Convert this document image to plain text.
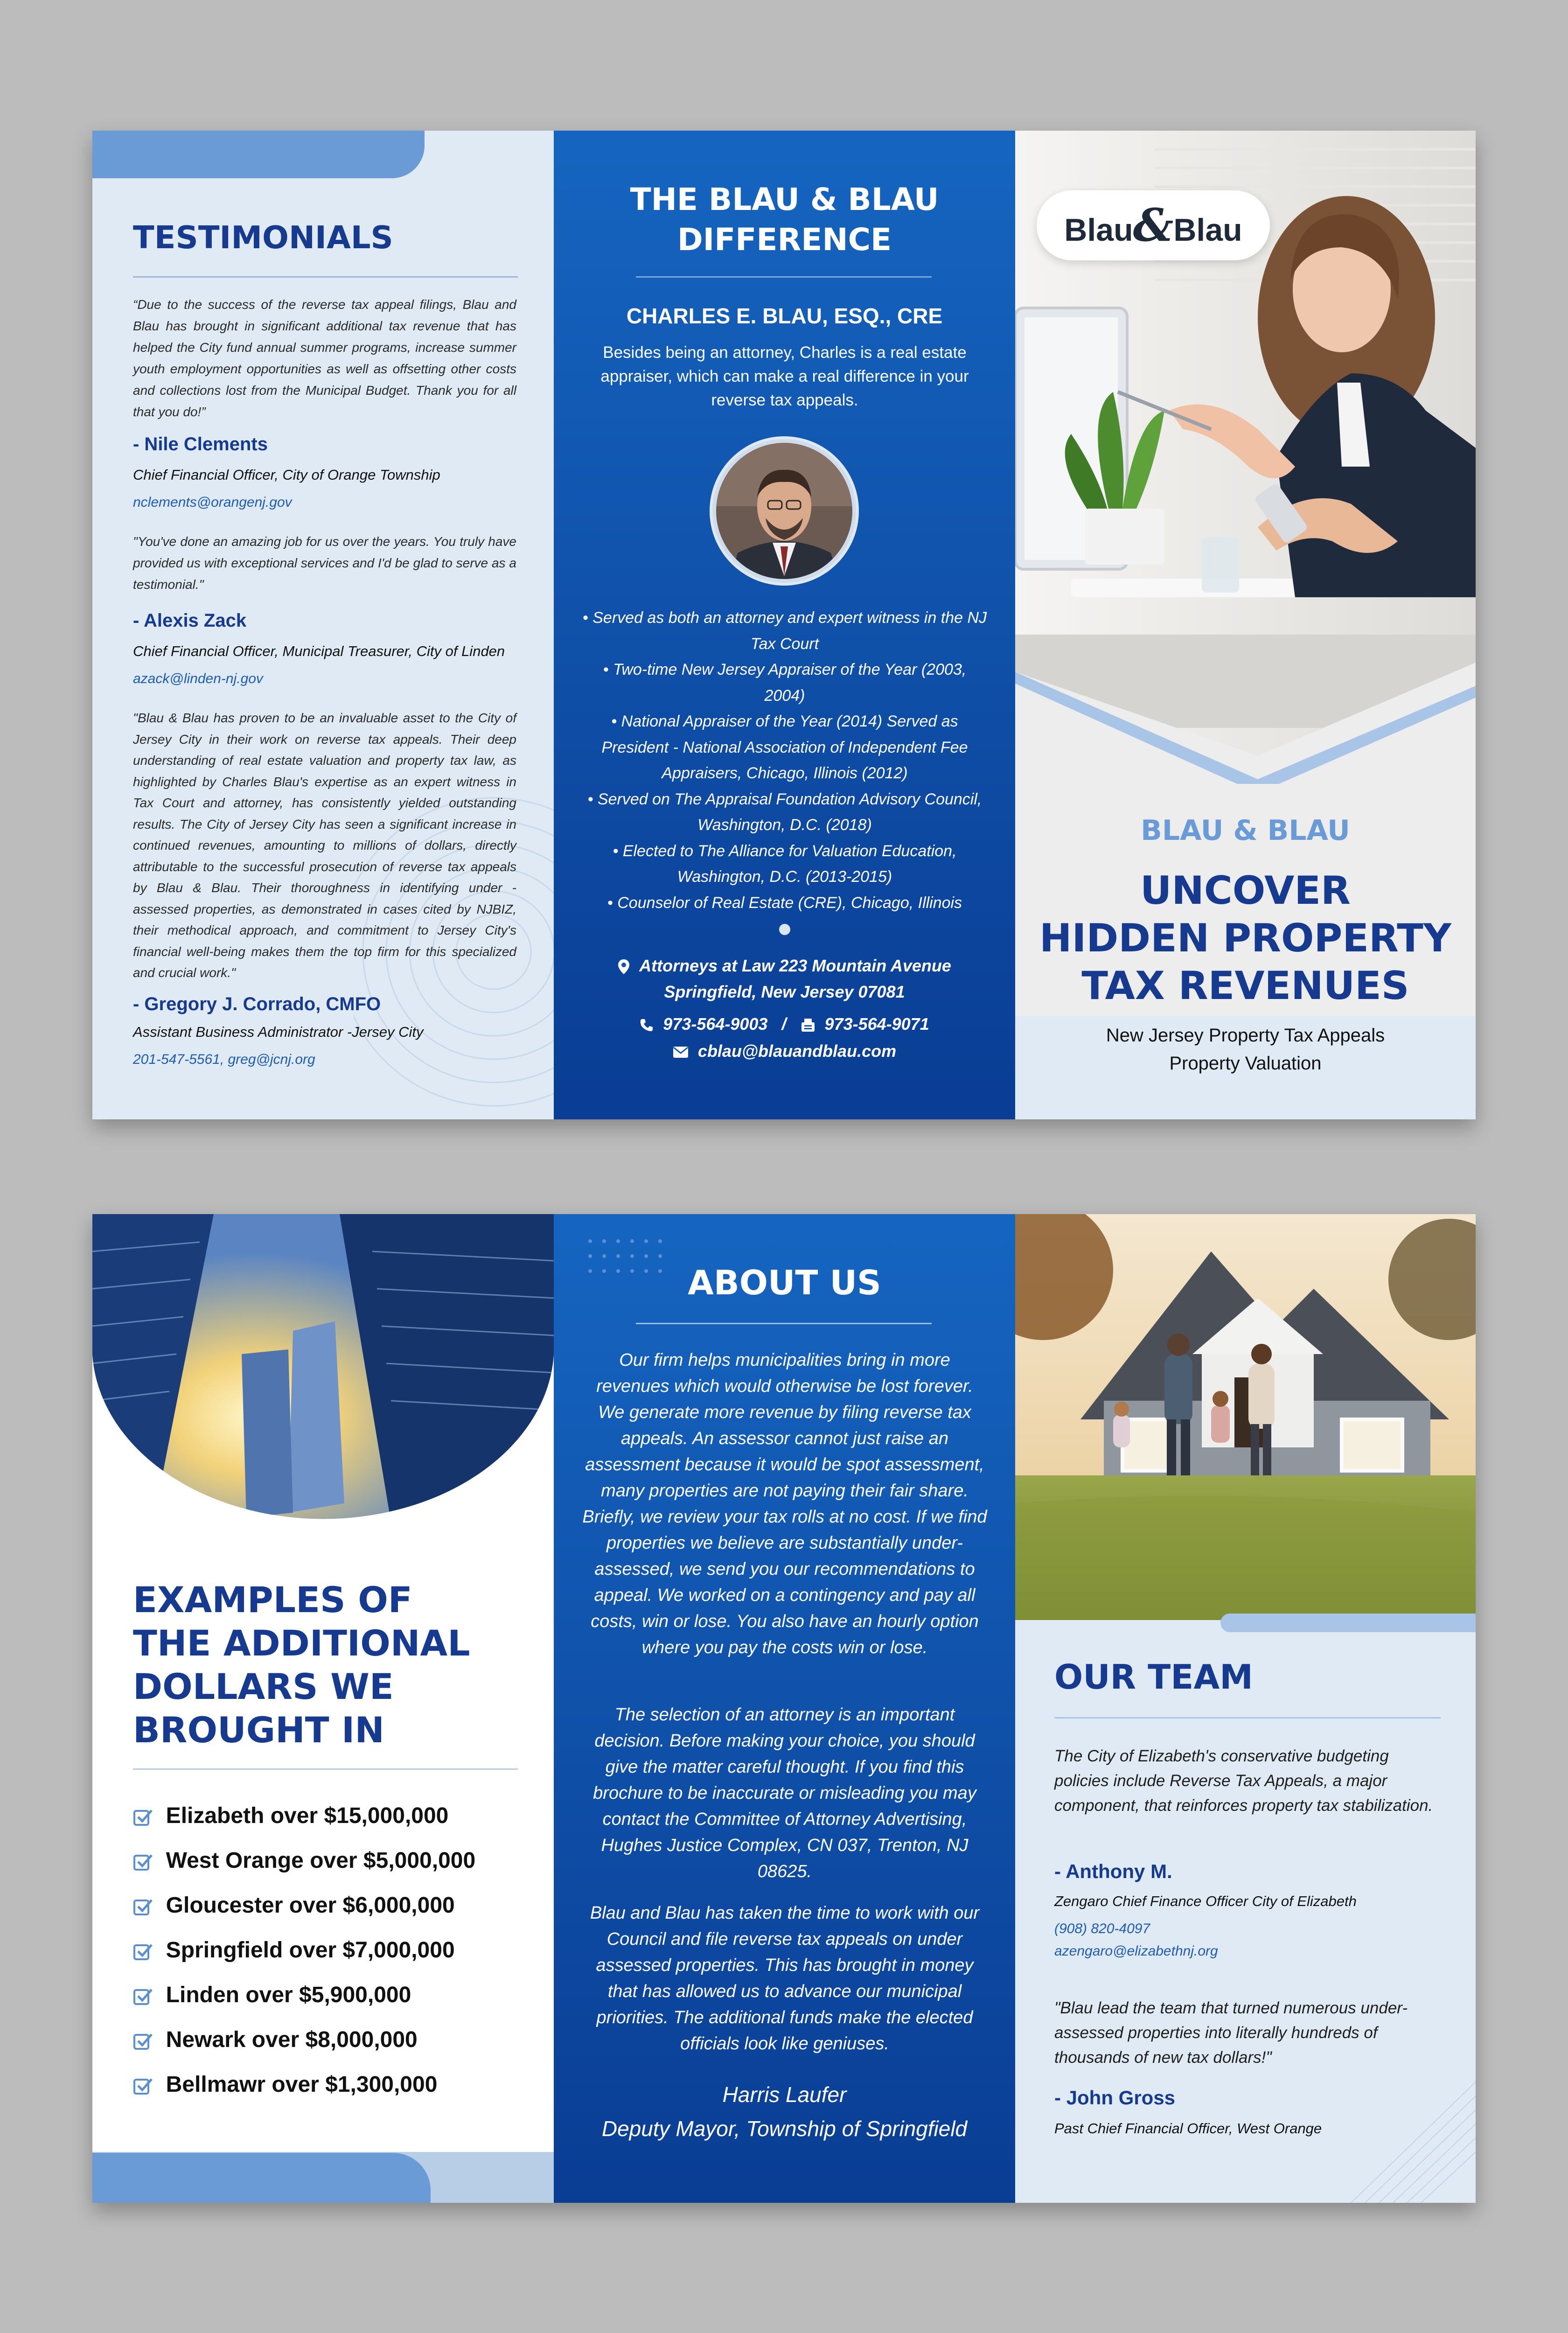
TESTIMONIALS
“Due to the success of the reverse tax appeal filings, Blau and Blau has brought in significant additional tax revenue that has helped the City fund annual summer programs, increase summer youth employment opportunities as well as offsetting other costs and collections lost from the Municipal Budget. Thank you for all that you do!”
- Nile Clements
Chief Financial Officer, City of Orange Township
nclements@orangenj.gov
"You've done an amazing job for us over the years. You truly have provided us with exceptional services and I'd be glad to serve as a testimonial."
- Alexis Zack
Chief Financial Officer, Municipal Treasurer, City of Linden
azack@linden-nj.gov
"Blau & Blau has proven to be an invaluable asset to the City of Jersey City in their work on reverse tax appeals. Their deep understanding of real estate valuation and property tax law, as highlighted by Charles Blau's expertise as an expert witness in Tax Court and attorney, has consistently yielded outstanding results. The City of Jersey City has seen a significant increase in continued revenues, amounting to millions of dollars, directly attributable to the successful prosecution of reverse tax appeals by Blau & Blau. Their thoroughness in identifying under - assessed properties, as demonstrated in cases cited by NJBIZ, their methodical approach, and commitment to Jersey City's financial well-being makes them the top firm for this specialized and crucial work."
- Gregory J. Corrado, CMFO
Assistant Business Administrator -Jersey City
201-547-5561, greg@jcnj.org
THE BLAU & BLAU
DIFFERENCE
CHARLES E. BLAU, ESQ., CRE
Besides being an attorney, Charles is a real estate appraiser, which can make a real difference in your reverse tax appeals.
• Served as both an attorney and expert witness in the NJ Tax Court
• Two-time New Jersey Appraiser of the Year (2003, 2004)
• National Appraiser of the Year (2014) Served as President - National Association of Independent Fee Appraisers, Chicago, Illinois (2012)
• Served on The Appraisal Foundation Advisory Council, Washington, D.C. (2018)
• Elected to The Alliance for Valuation Education, Washington, D.C. (2013-2015)
• Counselor of Real Estate (CRE), Chicago, Illinois
Attorneys at Law 223 Mountain Avenue
Springfield, New Jersey 07081
973-564-9003 / 973-564-9071
cblau@blauandblau.com
Blau&Blau
BLAU & BLAU
UNCOVER
HIDDEN PROPERTY
TAX REVENUES
New Jersey Property Tax Appeals
Property Valuation
EXAMPLES OF
THE ADDITIONAL
DOLLARS WE
BROUGHT IN
Elizabeth over $15,000,000
West Orange over $5,000,000
Gloucester over $6,000,000
Springfield over $7,000,000
Linden over $5,900,000
Newark over $8,000,000
Bellmawr over $1,300,000
ABOUT US
Our firm helps municipalities bring in more revenues which would otherwise be lost forever. We generate more revenue by filing reverse tax appeals. An assessor cannot just raise an assessment because it would be spot assessment, many properties are not paying their fair share. Briefly, we review your tax rolls at no cost. If we find properties we believe are substantially under-assessed, we send you our recommendations to appeal. We worked on a contingency and pay all costs, win or lose. You also have an hourly option where you pay the costs win or lose.
The selection of an attorney is an important decision. Before making your choice, you should give the matter careful thought. If you find this brochure to be inaccurate or misleading you may contact the Committee of Attorney Advertising, Hughes Justice Complex, CN 037, Trenton, NJ 08625.
Blau and Blau has taken the time to work with our Council and file reverse tax appeals on under assessed properties. This has brought in money that has allowed us to advance our municipal priorities. The additional funds make the elected officials look like geniuses.
Harris Laufer
Deputy Mayor, Township of Springfield
OUR TEAM
The City of Elizabeth's conservative budgeting policies include Reverse Tax Appeals, a major component, that reinforces property tax stabilization.
- Anthony M.
Zengaro Chief Finance Officer City of Elizabeth
(908) 820-4097
azengaro@elizabethnj.org
"Blau lead the team that turned numerous under-assessed properties into literally hundreds of thousands of new tax dollars!"
- John Gross
Past Chief Financial Officer, West Orange
